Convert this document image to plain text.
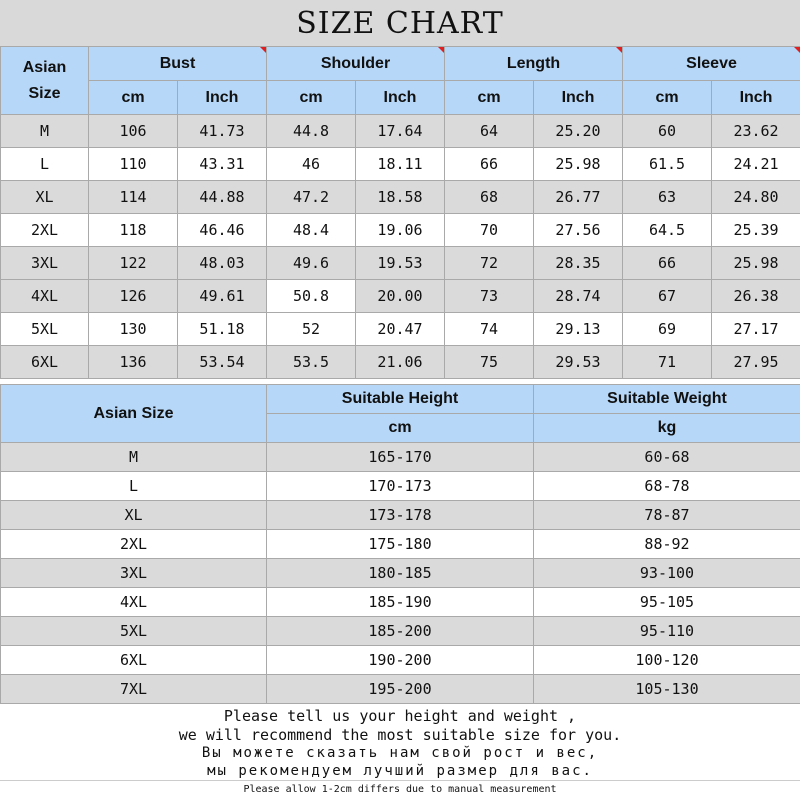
SIZE CHART
Asian Size	Bust		Shoulder		Length		Sleeve	

	cm	Inch	cm	Inch	cm	Inch	cm	Inch
M	106	41.73	44.8	17.64	64	25.20	60	23.62
L	110	43.31	46	18.11	66	25.98	61.5	24.21
XL	114	44.88	47.2	18.58	68	26.77	63	24.80
2XL	118	46.46	48.4	19.06	70	27.56	64.5	25.39
3XL	122	48.03	49.6	19.53	72	28.35	66	25.98
4XL	126	49.61	50.8	20.00	73	28.74	67	26.38
5XL	130	51.18	52	20.47	74	29.13	69	27.17
6XL	136	53.54	53.5	21.06	75	29.53	71	27.95
Asian Size	Suitable Height	Suitable Weight
	cm	kg
M	165-170	60-68
L	170-173	68-78
XL	173-178	78-87
2XL	175-180	88-92
3XL	180-185	93-100
4XL	185-190	95-105
5XL	185-200	95-110
6XL	190-200	100-120
7XL	195-200	105-130
Please tell us your height and weight ,
we will recommend the most suitable size for you.
Вы можете сказать нам свой рост и вес,
мы рекомендуем лучший размер для вас.
Please allow 1-2cm differs due to manual measurement
